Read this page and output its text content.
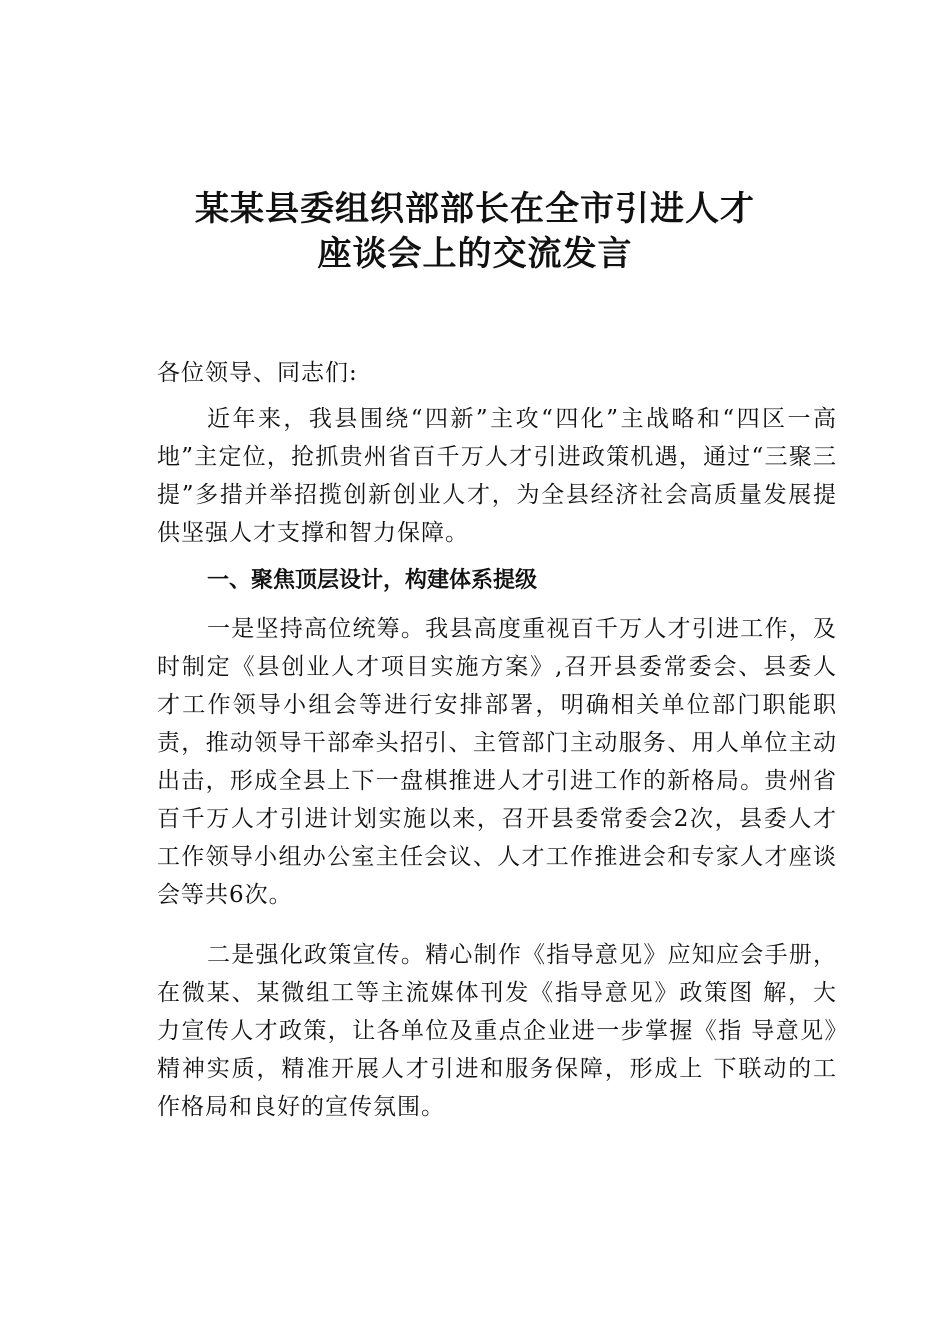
某某县委组织部部长在全市引进人才
座谈会上的交流发言
各位领导、同志们:
近年来，我县围绕“四新”主攻“四化”主战略和“四区一高地”主定位，抢抓贵州省百千万人才引进政策机遇，通过“三聚三提”多措并举招揽创新创业人才，为全县经济社会高质量发展提供坚强人才支撑和智力保障。
一、聚焦顶层设计，构建体系提级
一是坚持高位统筹。我县高度重视百千万人才引进工作，及时制定《县创业人才项目实施方案》,召开县委常委会、县委人才工作领导小组会等进行安排部署，明确相关单位部门职能职责，推动领导干部牵头招引、主管部门主动服务、用人单位主动出击，形成全县上下一盘棋推进人才引进工作的新格局。贵州省百千万人才引进计划实施以来，召开县委常委会2次，县委人才工作领导小组办公室主任会议、人才工作推进会和专家人才座谈会等共6次。
二是强化政策宣传。精心制作《指导意见》应知应会手册，在微某、某微组工等主流媒体刊发《指导意见》政策图 解，大力宣传人才政策，让各单位及重点企业进一步掌握《指 导意见》精神实质，精准开展人才引进和服务保障，形成上 下联动的工作格局和良好的宣传氛围。
